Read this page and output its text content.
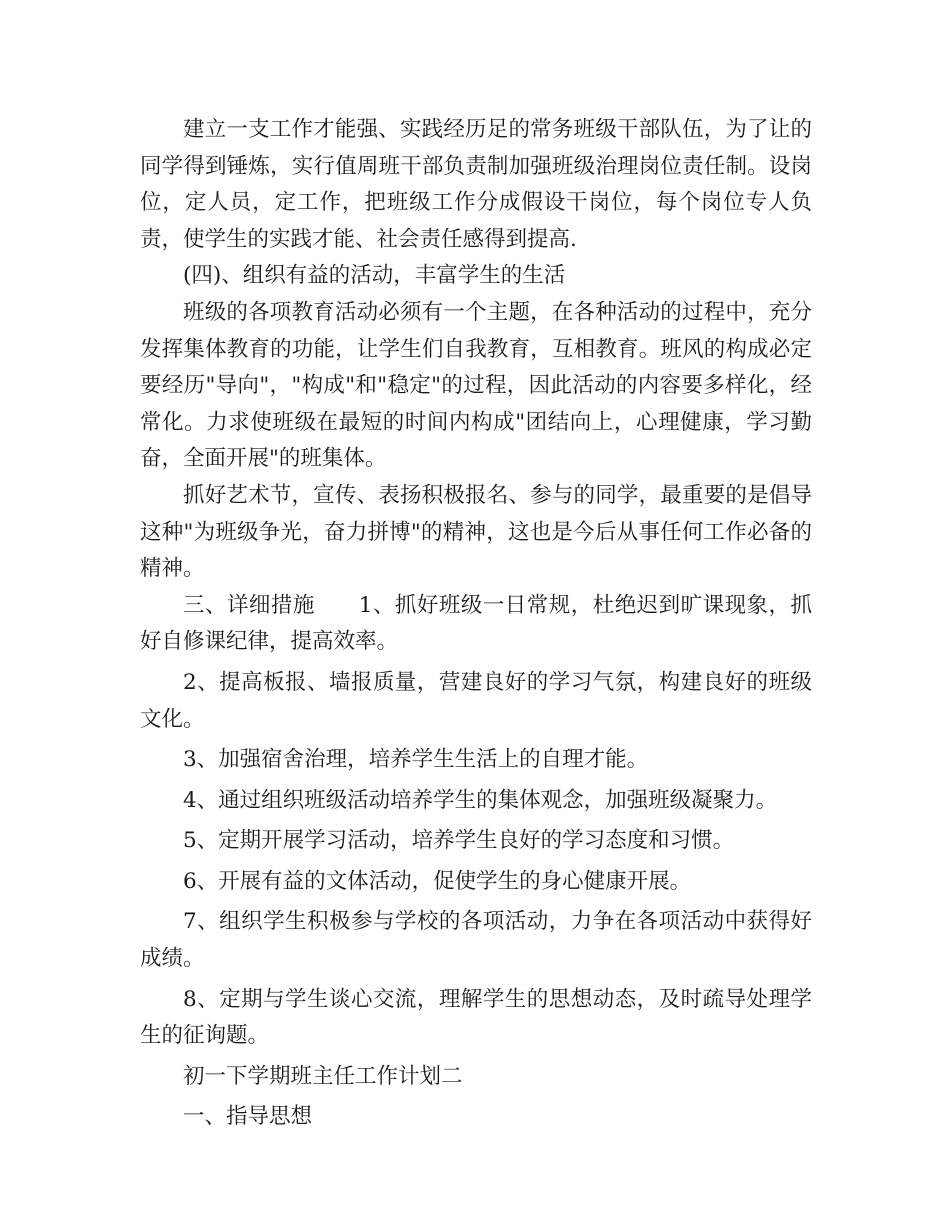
建立一支工作才能强、实践经历足的常务班级干部队伍，为了让的同学得到锤炼，实行值周班干部负责制加强班级治理岗位责任制。设岗位，定人员，定工作，把班级工作分成假设干岗位，每个岗位专人负责，使学生的实践才能、社会责任感得到提高.

(四)、组织有益的活动，丰富学生的生活

班级的各项教育活动必须有一个主题，在各种活动的过程中，充分发挥集体教育的功能，让学生们自我教育，互相教育。班风的构成必定要经历"导向"，"构成"和"稳定"的过程，因此活动的内容要多样化，经常化。力求使班级在最短的时间内构成"团结向上，心理健康，学习勤奋，全面开展"的班集体。

抓好艺术节，宣传、表扬积极报名、参与的同学，最重要的是倡导这种"为班级争光，奋力拼博"的精神，这也是今后从事任何工作必备的精神。

三、详细措施　　1、抓好班级一日常规，杜绝迟到旷课现象，抓好自修课纪律，提高效率。

2、提高板报、墙报质量，营建良好的学习气氛，构建良好的班级文化。

3、加强宿舍治理，培养学生生活上的自理才能。

4、通过组织班级活动培养学生的集体观念，加强班级凝聚力。

5、定期开展学习活动，培养学生良好的学习态度和习惯。

6、开展有益的文体活动，促使学生的身心健康开展。

7、组织学生积极参与学校的各项活动，力争在各项活动中获得好成绩。

8、定期与学生谈心交流，理解学生的思想动态，及时疏导处理学生的征询题。

初一下学期班主任工作计划二

一、指导思想
